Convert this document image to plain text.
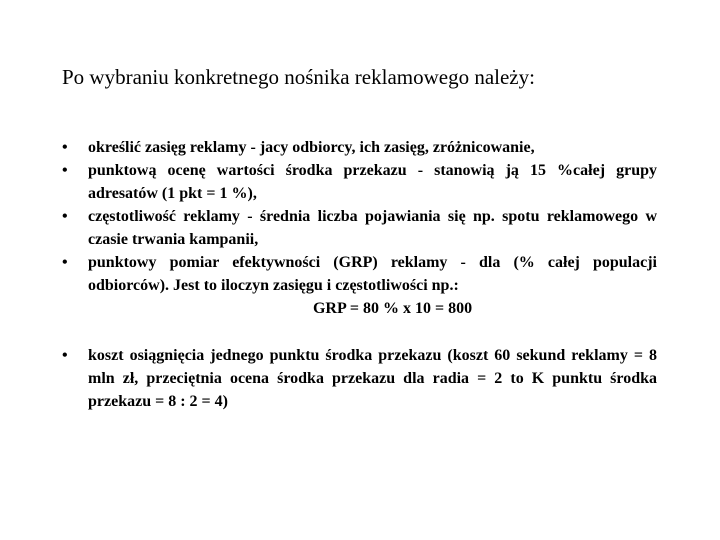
Po wybraniu konkretnego nośnika reklamowego należy:
•	określić zasięg reklamy - jacy odbiorcy, ich zasięg, zróżnicowanie,
•	punktową ocenę wartości środka przekazu - stanowią ją 15 %całej grupy adresatów (1 pkt = 1 %),
•	częstotliwość reklamy - średnia liczba pojawiania się np. spotu reklamowego w czasie trwania kampanii,
•	punktowy pomiar efektywności (GRP) reklamy - dla (% całej populacji odbiorców). Jest to iloczyn zasięgu i częstotliwości np.:
GRP = 80 % x 10 = 800
•	koszt osiągnięcia jednego punktu środka przekazu (koszt 60 sekund reklamy = 8 mln zł, przeciętnia ocena środka przekazu dla radia = 2 to K punktu środka przekazu = 8 : 2 = 4)
